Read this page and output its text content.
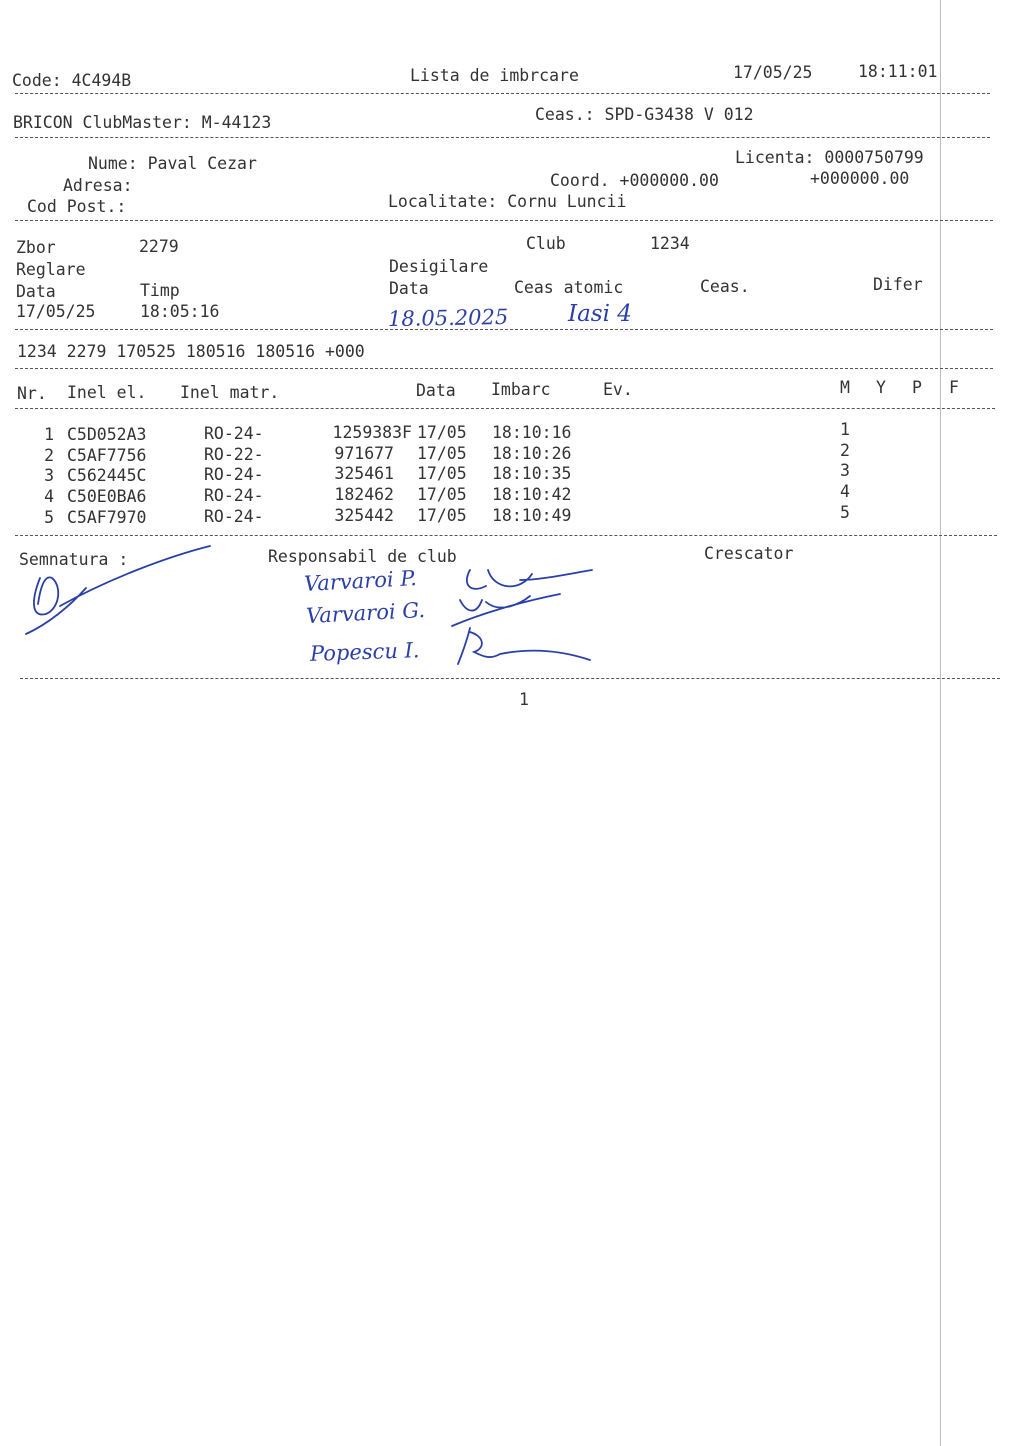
Code: 4C494B	Lista de imbrcare	17/05/25	18:11:01
BRICON ClubMaster: M-44123	Ceas.: SPD-G3438 V 012
Nume: Paval Cezar	Licenta: 0000750799
Adresa:	Coord. +000000.00	+000000.00
Cod Post.:	Localitate: Cornu Luncii
Zbor	2279	Club	1234
Reglare	Desigilare
Data	Timp	Data	Ceas atomic	Ceas.	Difer
17/05/25	18:05:16	18.05.2025	Iasi 4
1234 2279 170525 180516 180516 +000
Nr. Inel el. Inel matr.	Data Imbarc	Ev.	M Y P F
1 C5D052A3	RO-24-	1259383F 17/05 18:10:16	1
2 C5AF7756	RO-22-	971677 17/05 18:10:26	2
3 C562445C	RO-24-	325461 17/05 18:10:35	3
4 C50E0BA6	RO-24-	182462 17/05 18:10:42	4
5 C5AF7970	RO-24-	325442 17/05 18:10:49	5
Semnatura :	Responsabil de club	Crescator
Varvaroi P.
Varvaroi G.
Popescu I.
1
